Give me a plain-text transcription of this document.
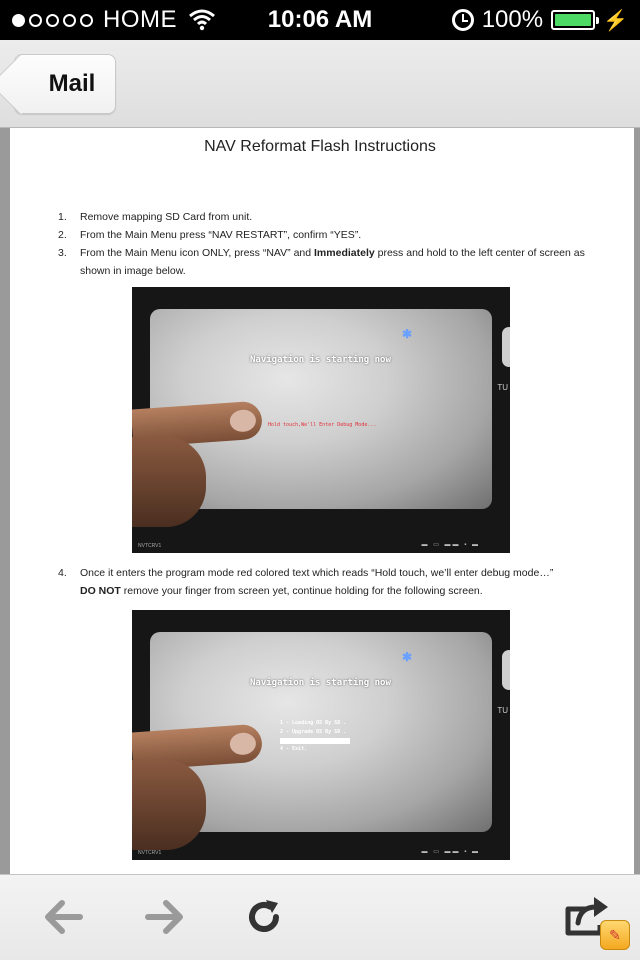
HOME	10:06 AM	100%	⚡
Mail
NAV Reformat Flash Instructions
1.	Remove mapping SD Card from unit.
2.	From the Main Menu press “NAV RESTART”, confirm “YES”.
3.	From the Main Menu icon ONLY, press “NAV” and Immediately press and hold to the left center of screen as shown in image below.
✱
Navigation is starting now
Hold touch,We'll Enter Debug Mode...
TU
NVTCRV1	▬ ▭ ▬▬ ▪ ▬
4.	Once it enters the program mode red colored text which reads “Hold touch, we’ll enter debug mode…”
DO NOT remove your finger from screen yet, continue holding for the following screen.
✱
Navigation is starting now
1 - Loading OS By SD .
2 - Upgrade OS By SD .
4 - Exit.
TU
NVTCRV1	▬ ▭ ▬▬ ▪ ▬
✎
